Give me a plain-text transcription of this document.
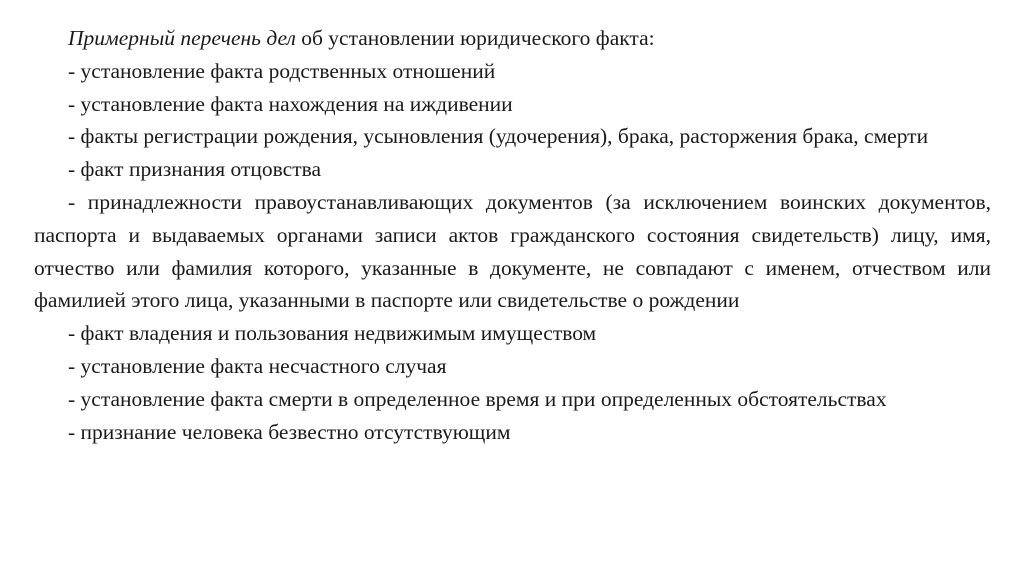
Примерный перечень дел об установлении юридического факта:

- установление факта родственных отношений

- установление факта нахождения на иждивении

- факты регистрации рождения, усыновления (удочерения), брака, расторжения брака, смерти

- факт признания отцовства

- принадлежности правоустанавливающих документов (за исключением воинских документов, паспорта и выдаваемых органами записи актов гражданского состояния свидетельств) лицу, имя, отчество или фамилия которого, указанные в документе, не совпадают с именем, отчеством или фамилией этого лица, указанными в паспорте или свидетельстве о рождении

- факт владения и пользования недвижимым имуществом

- установление факта несчастного случая

- установление факта смерти в определенное время и при определенных обстоятельствах

- признание человека безвестно отсутствующим
